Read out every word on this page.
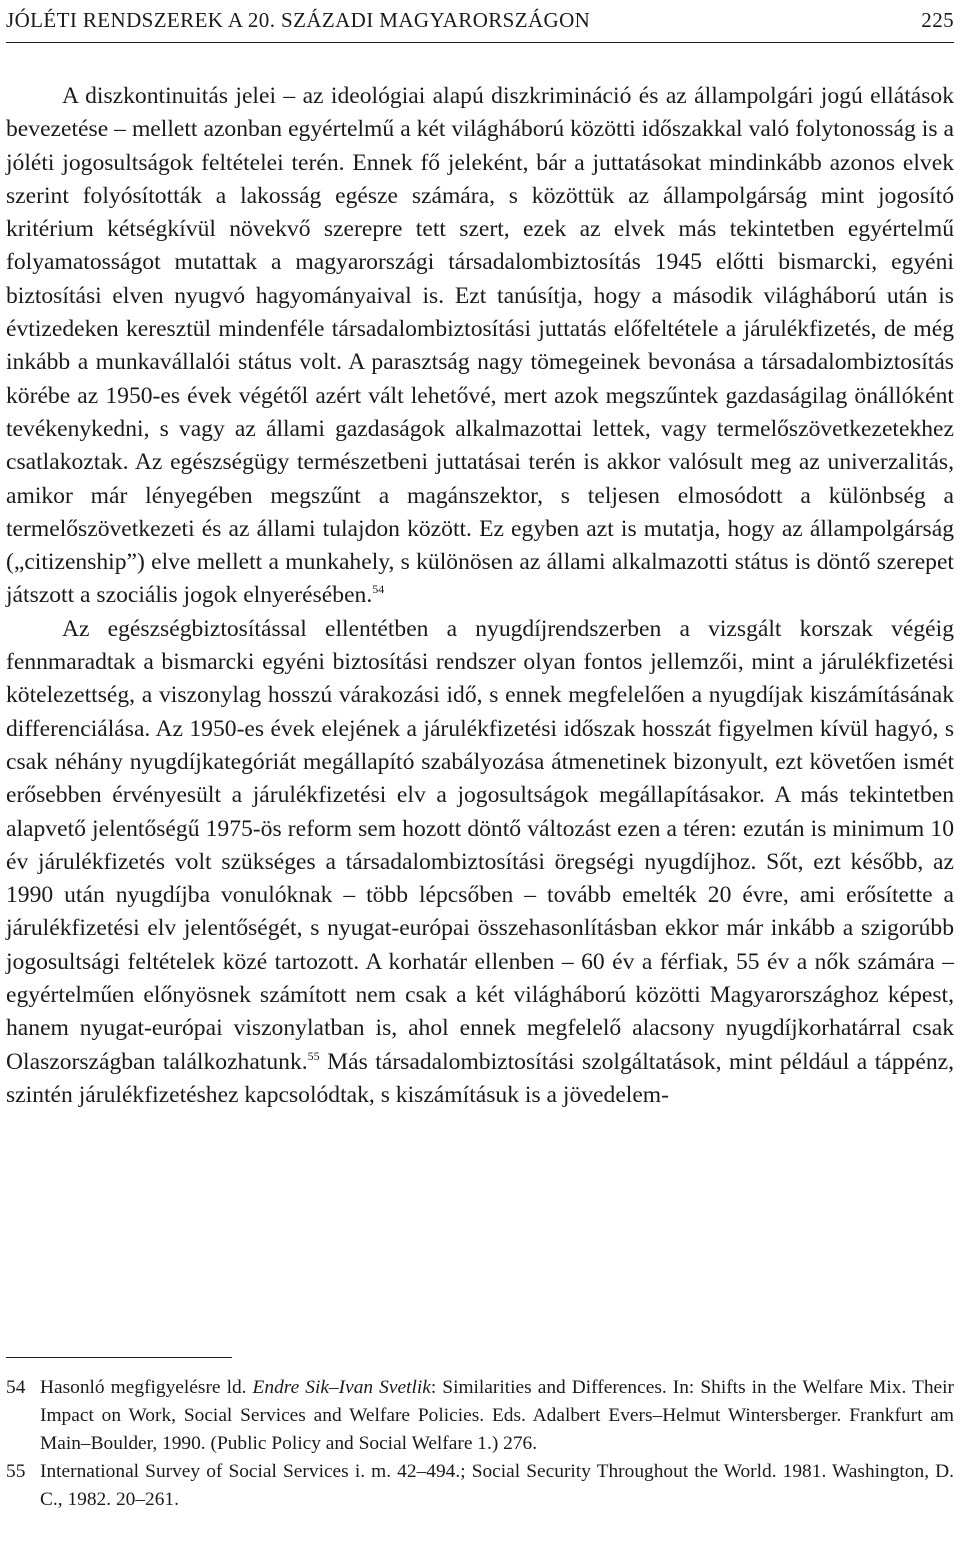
JÓLÉTI RENDSZEREK A 20. SZÁZADI MAGYARORSZÁGON	225

A diszkontinuitás jelei – az ideológiai alapú diszkrimináció és az állampolgári jogú ellátások bevezetése – mellett azonban egyértelmű a két világháború közötti időszakkal való folytonosság is a jóléti jogosultságok feltételei terén. Ennek fő jeleként, bár a juttatásokat mindinkább azonos elvek szerint folyósították a lakosság egésze számára, s közöttük az állampolgárság mint jogosító kritérium kétségkívül növekvő szerepre tett szert, ezek az elvek más tekintetben egyértelmű folyamatosságot mutattak a magyarországi társadalombiztosítás 1945 előtti bismarcki, egyéni biztosítási elven nyugvó hagyományaival is. Ezt tanúsítja, hogy a második világháború után is évtizedeken keresztül mindenféle társadalombiztosítási juttatás előfeltétele a járulékfizetés, de még inkább a munkavállalói státus volt. A parasztság nagy tömegeinek bevonása a társadalombiztosítás körébe az 1950-es évek végétől azért vált lehetővé, mert azok megszűntek gazdaságilag önállóként tevékenykedni, s vagy az állami gazdaságok alkalmazottai lettek, vagy termelőszövetkezetekhez csatlakoztak. Az egészségügy természetbeni juttatásai terén is akkor valósult meg az univerzalitás, amikor már lényegében megszűnt a magánszektor, s teljesen elmosódott a különbség a termelőszövetkezeti és az állami tulajdon között. Ez egyben azt is mutatja, hogy az állampolgárság („citizenship”) elve mellett a munkahely, s különösen az állami alkalmazotti státus is döntő szerepet játszott a szociális jogok elnyerésében.$^{54}$

Az egészségbiztosítással ellentétben a nyugdíjrendszerben a vizsgált korszak végéig fennmaradtak a bismarcki egyéni biztosítási rendszer olyan fontos jellemzői, mint a járulékfizetési kötelezettség, a viszonylag hosszú várakozási idő, s ennek megfelelően a nyugdíjak kiszámításának differenciálása. Az 1950-es évek elejének a járulékfizetési időszak hosszát figyelmen kívül hagyó, s csak néhány nyugdíjkategóriát megállapító szabályozása átmenetinek bizonyult, ezt követően ismét erősebben érvényesült a járulékfizetési elv a jogosultságok megállapításakor. A más tekintetben alapvető jelentőségű 1975-ös reform sem hozott döntő változást ezen a téren: ezután is minimum 10 év járulékfizetés volt szükséges a társadalombiztosítási öregségi nyugdíjhoz. Sőt, ezt később, az 1990 után nyugdíjba vonulóknak – több lépcsőben – tovább emelték 20 évre, ami erősítette a járulékfizetési elv jelentőségét, s nyugat-európai összehasonlításban ekkor már inkább a szigorúbb jogosultsági feltételek közé tartozott. A korhatár ellenben – 60 év a férfiak, 55 év a nők számára – egyértelműen előnyösnek számított nem csak a két világháború közötti Magyarországhoz képest, hanem nyugat-európai viszonylatban is, ahol ennek megfelelő alacsony nyugdíjkorhatárral csak Olaszországban találkozhatunk.$^{55}$ Más társadalombiztosítási szolgáltatások, mint például a táppénz, szintén járulékfizetéshez kapcsolódtak, s kiszámításuk is a jövedelem-

54 Hasonló megfigyelésre ld. Endre Sik–Ivan Svetlik: Similarities and Differences. In: Shifts in the Welfare Mix. Their Impact on Work, Social Services and Welfare Policies. Eds. Adalbert Evers–Helmut Wintersberger. Frankfurt am Main–Boulder, 1990. (Public Policy and Social Welfare 1.) 276.
55 International Survey of Social Services i. m. 42–494.; Social Security Throughout the World. 1981. Washington, D. C., 1982. 20–261.
